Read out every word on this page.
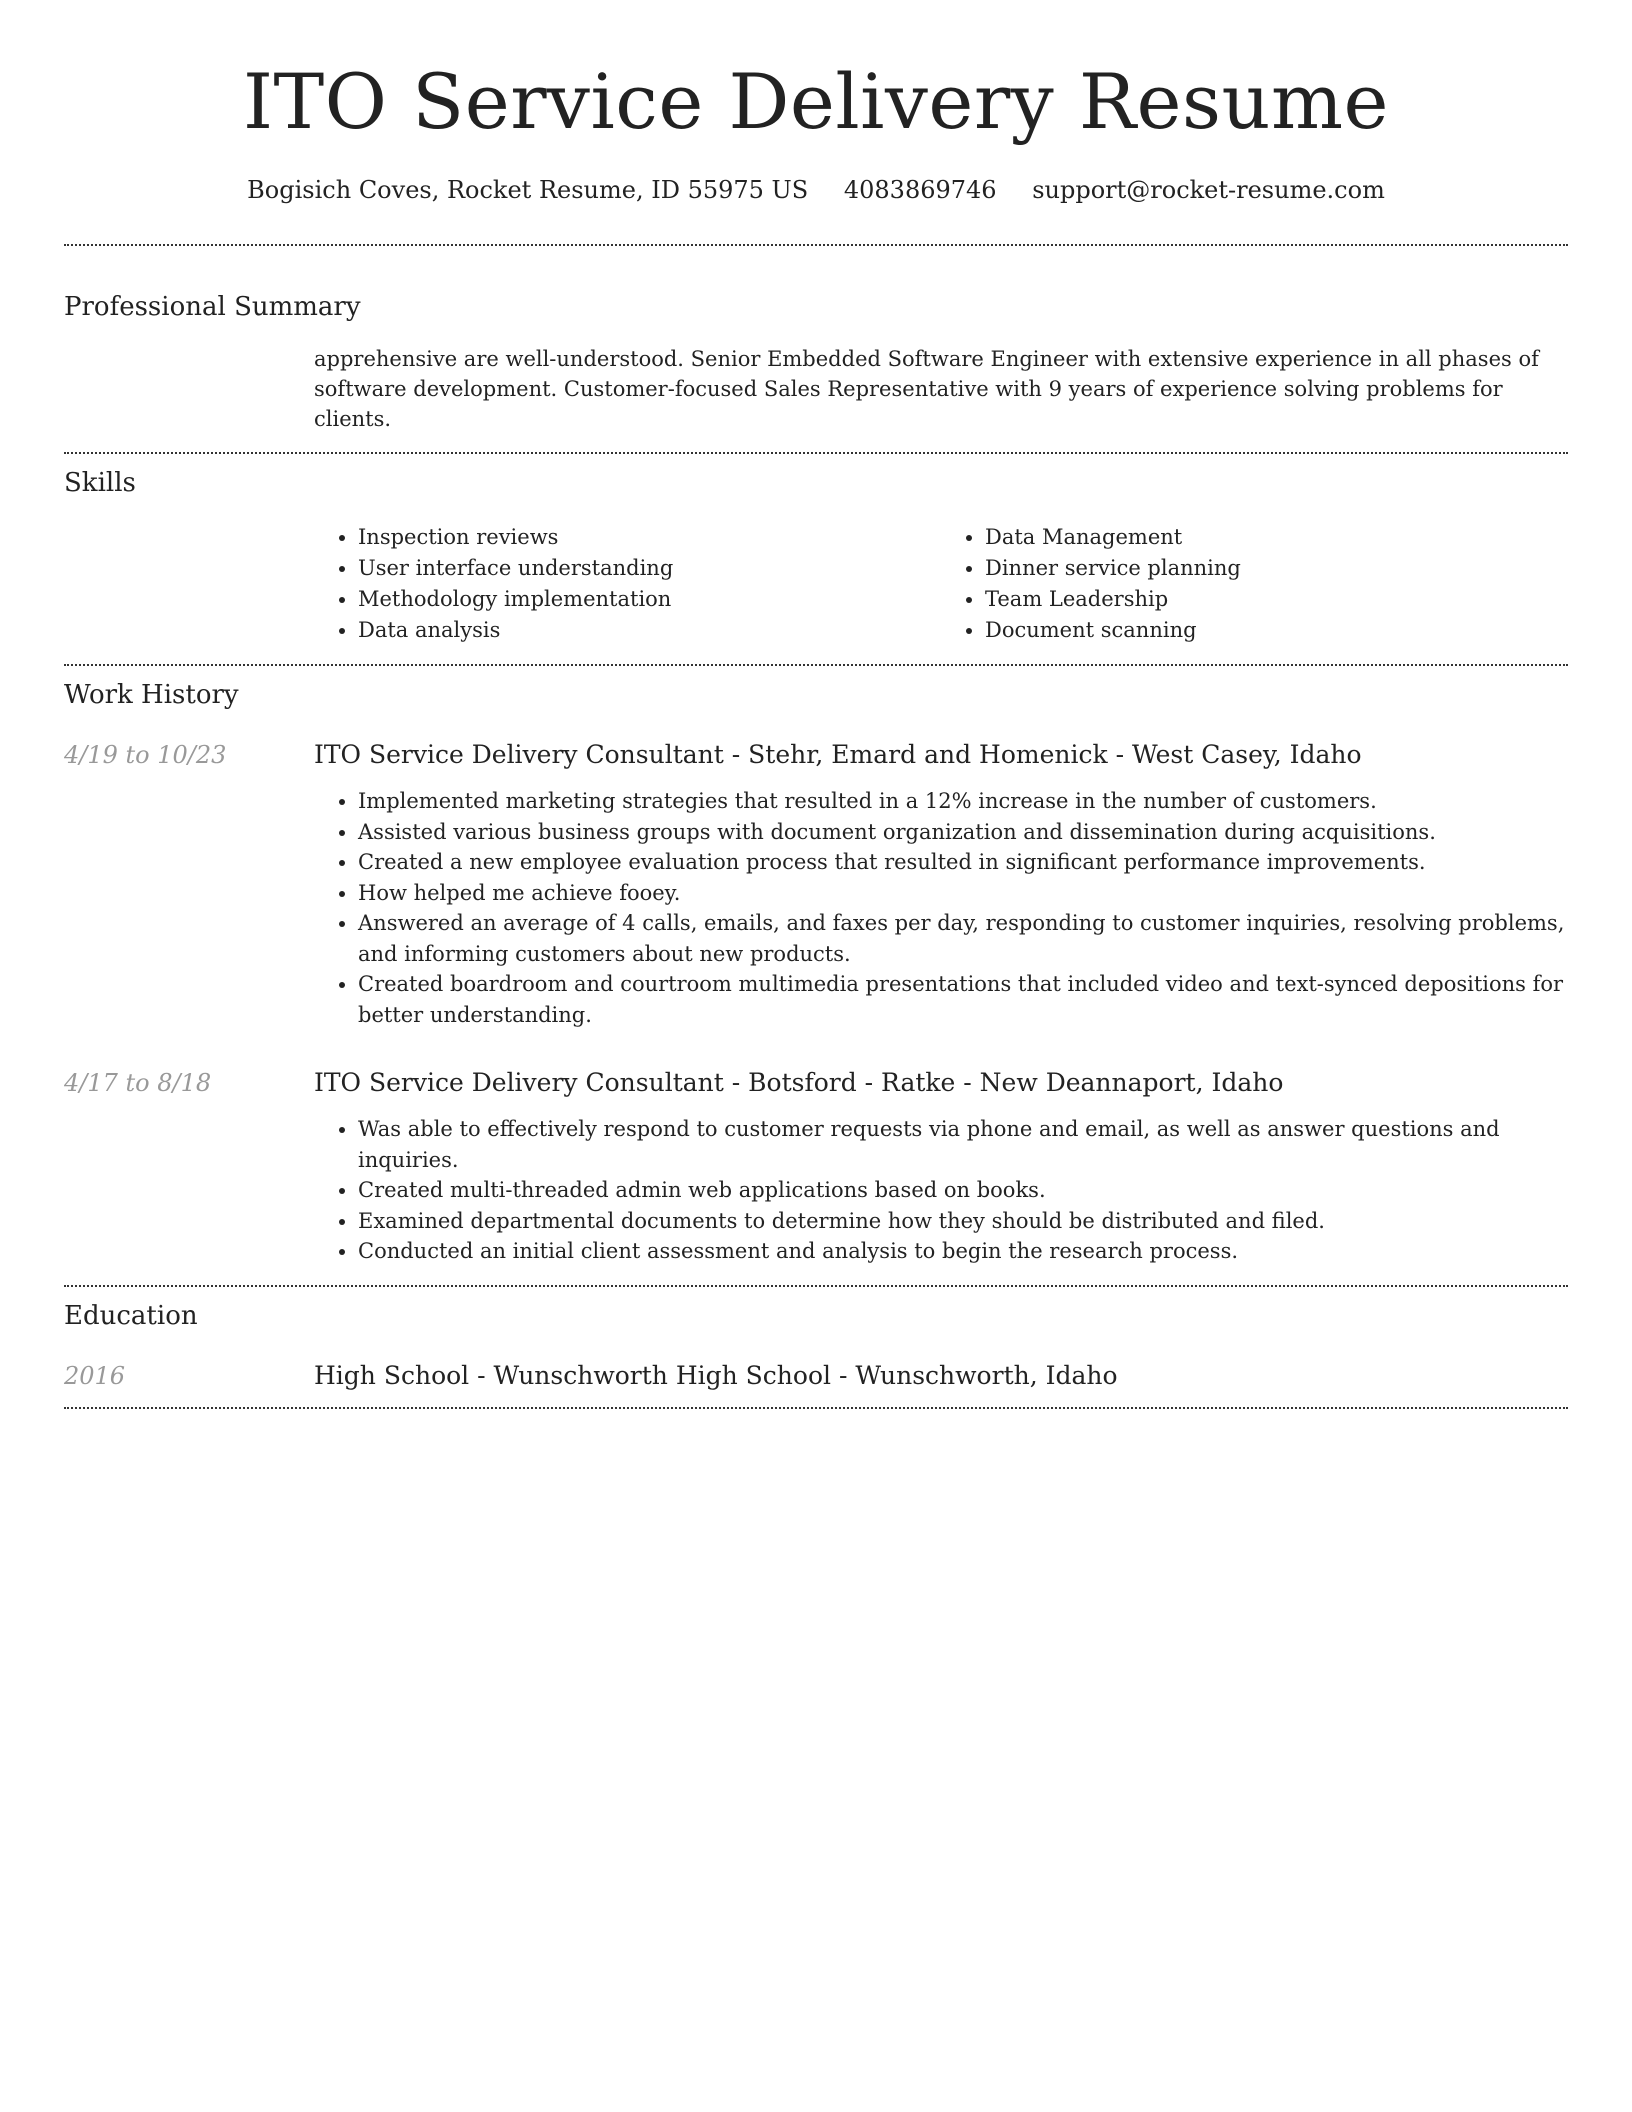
ITO Service Delivery Resume
Bogisich Coves, Rocket Resume, ID 55975 US 4083869746 support@rocket-resume.com
Professional Summary
apprehensive are well-understood. Senior Embedded Software Engineer with extensive experience in all phases of software development. Customer-focused Sales Representative with 9 years of experience solving problems for clients.
Skills
• Inspection reviews
• User interface understanding
• Methodology implementation
• Data analysis
• Data Management
• Dinner service planning
• Team Leadership
• Document scanning
Work History
4/19 to 10/23	ITO Service Delivery Consultant - Stehr, Emard and Homenick - West Casey, Idaho
• Implemented marketing strategies that resulted in a 12% increase in the number of customers.
• Assisted various business groups with document organization and dissemination during acquisitions.
• Created a new employee evaluation process that resulted in significant performance improvements.
• How helped me achieve fooey.
• Answered an average of 4 calls, emails, and faxes per day, responding to customer inquiries, resolving problems, and informing customers about new products.
• Created boardroom and courtroom multimedia presentations that included video and text-synced depositions for better understanding.
4/17 to 8/18	ITO Service Delivery Consultant - Botsford - Ratke - New Deannaport, Idaho
• Was able to effectively respond to customer requests via phone and email, as well as answer questions and inquiries.
• Created multi-threaded admin web applications based on books.
• Examined departmental documents to determine how they should be distributed and filed.
• Conducted an initial client assessment and analysis to begin the research process.
Education
2016	High School - Wunschworth High School - Wunschworth, Idaho
